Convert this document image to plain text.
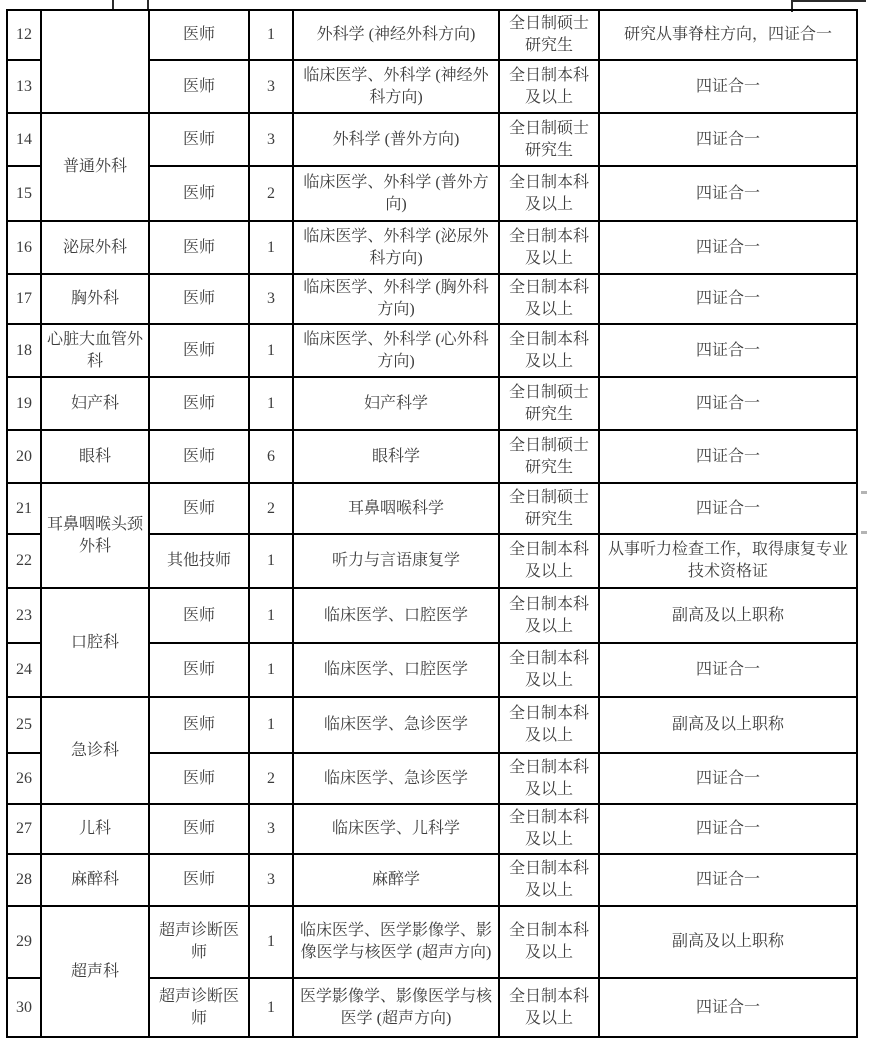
12		医师	1	外科学 (神经外科方向)	全日制硕士研究生	研究从事脊柱方向，四证合一
13		医师	3	临床医学、外科学 (神经外科方向)	全日制本科及以上	四证合一
14	普通外科	医师	3	外科学 (普外方向)	全日制硕士研究生	四证合一
15		医师	2	临床医学、外科学 (普外方向)	全日制本科及以上	四证合一
16	泌尿外科	医师	1	临床医学、外科学 (泌尿外科方向)	全日制本科及以上	四证合一
17	胸外科	医师	3	临床医学、外科学 (胸外科方向)	全日制本科及以上	四证合一
18	心脏大血管外科	医师	1	临床医学、外科学 (心外科方向)	全日制本科及以上	四证合一
19	妇产科	医师	1	妇产科学	全日制硕士研究生	四证合一
20	眼科	医师	6	眼科学	全日制硕士研究生	四证合一
21	耳鼻咽喉头颈外科	医师	2	耳鼻咽喉科学	全日制硕士研究生	四证合一
22		其他技师	1	听力与言语康复学	全日制本科及以上	从事听力检查工作，取得康复专业技术资格证
23	口腔科	医师	1	临床医学、口腔医学	全日制本科及以上	副高及以上职称
24		医师	1	临床医学、口腔医学	全日制本科及以上	四证合一
25	急诊科	医师	1	临床医学、急诊医学	全日制本科及以上	副高及以上职称
26		医师	2	临床医学、急诊医学	全日制本科及以上	四证合一
27	儿科	医师	3	临床医学、儿科学	全日制本科及以上	四证合一
28	麻醉科	医师	3	麻醉学	全日制本科及以上	四证合一
29	超声科	超声诊断医师	1	临床医学、医学影像学、影像医学与核医学 (超声方向)	全日制本科及以上	副高及以上职称
30		超声诊断医师	1	医学影像学、影像医学与核医学 (超声方向)	全日制本科及以上	四证合一
